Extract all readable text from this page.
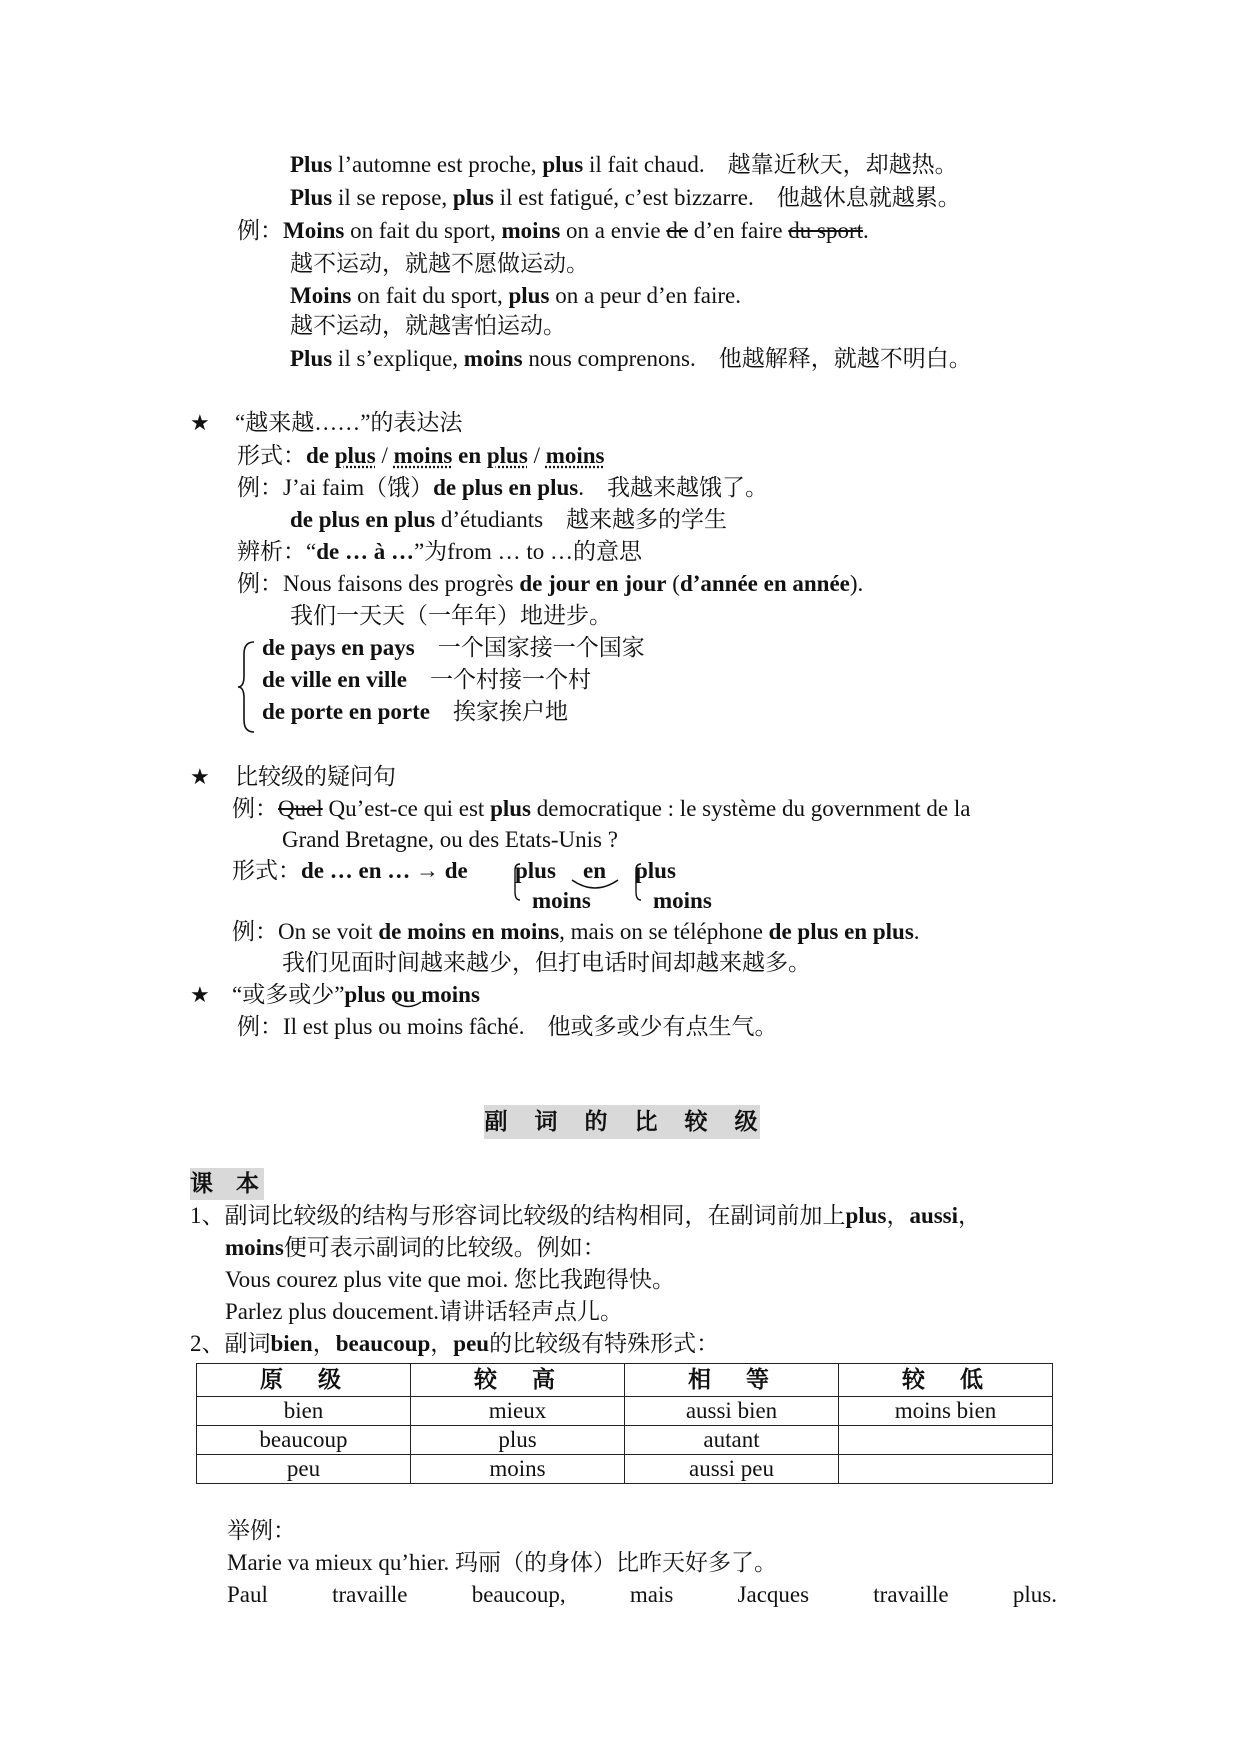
Plus l’automne est proche, plus il fait chaud.　越靠近秋天，却越热。
Plus il se repose, plus il est fatigué, c’est bizzarre.　他越休息就越累。
例：Moins on fait du sport, moins on a envie de d’en faire du sport.
越不运动，就越不愿做运动。
Moins on fait du sport, plus on a peur d’en faire.
越不运动，就越害怕运动。
Plus il s’explique, moins nous comprenons.　他越解释，就越不明白。
★ “越来越……”的表达法
形式：de plus / moins en plus / moins
例：J’ai faim（饿）de plus en plus.　我越来越饿了。
de plus en plus d’étudiants　越来越多的学生
辨析：“de … à …”为from … to …的意思
例：Nous faisons des progrès de jour en jour (d’année en année).
我们一天天（一年年）地进步。
de pays en pays　一个国家接一个国家
de ville en ville　一个村接一个村
de porte en porte　挨家挨户地
★ 比较级的疑问句
例：Quel Qu’est-ce qui est plus democratique : le système du government de la
Grand Bretagne, ou des Etats-Unis ?
形式：de … en … → de plus en plus
moins	moins
例：On se voit de moins en moins, mais on se téléphone de plus en plus.
我们见面时间越来越少，但打电话时间却越来越多。
★ “或多或少”plus ou moins
例：Il est plus ou moins fâché.　他或多或少有点生气。
副　词　的　比　较　级
课　本
1、副词比较级的结构与形容词比较级的结构相同，在副词前加上plus，aussi，
moins便可表示副词的比较级。例如：
Vous courez plus vite que moi. 您比我跑得快。
Parlez plus doucement.请讲话轻声点儿。
2、副词bien，beaucoup，peu的比较级有特殊形式：
原　级	较　高	相　等	较　低
bien	mieux	aussi bien	moins bien
beaucoup	plus	autant	
peu	moins	aussi peu	
举例：
Marie va mieux qu’hier. 玛丽（的身体）比昨天好多了。
Paul	travaille	beaucoup,	mais	Jacques	travaille	plus.
